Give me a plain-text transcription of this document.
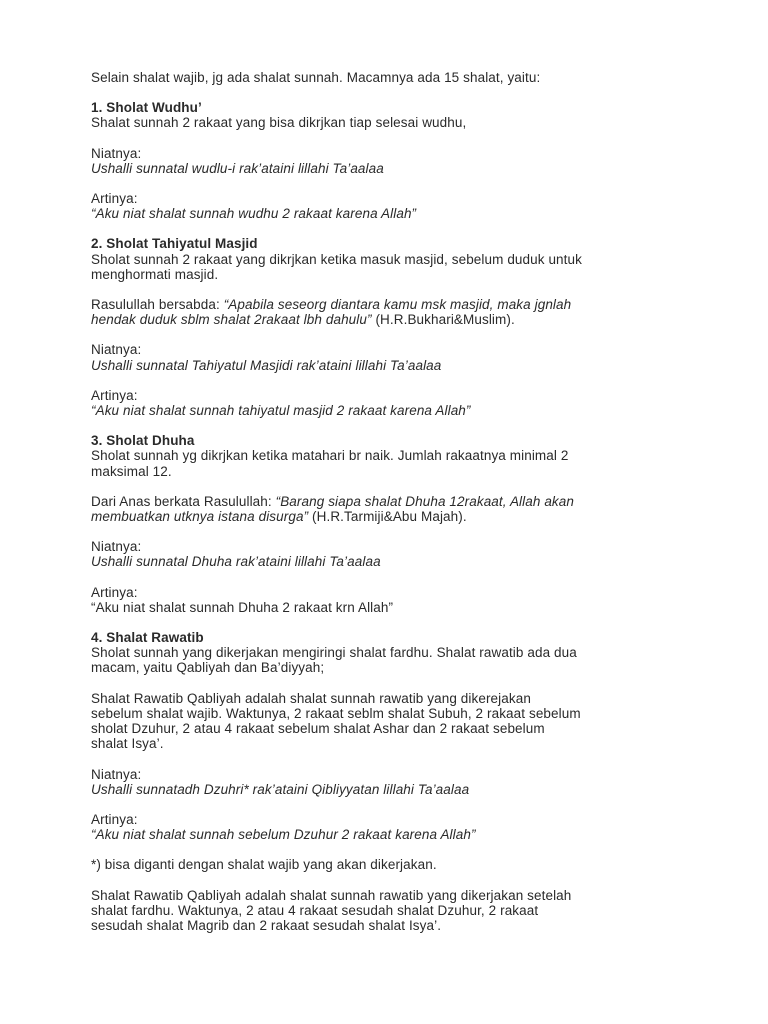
Selain shalat wajib, jg ada shalat sunnah. Macamnya ada 15 shalat, yaitu:
1. Sholat Wudhu’
Shalat sunnah 2 rakaat yang bisa dikrjkan tiap selesai wudhu,
Niatnya:
Ushalli sunnatal wudlu-i rak’ataini lillahi Ta’aalaa
Artinya:
“Aku niat shalat sunnah wudhu 2 rakaat karena Allah”
2. Sholat Tahiyatul Masjid
Sholat sunnah 2 rakaat yang dikrjkan ketika masuk masjid, sebelum duduk untuk
menghormati masjid.
Rasulullah bersabda: “Apabila seseorg diantara kamu msk masjid, maka jgnlah
hendak duduk sblm shalat 2rakaat lbh dahulu” (H.R.Bukhari&Muslim).
Niatnya:
Ushalli sunnatal Tahiyatul Masjidi rak’ataini lillahi Ta’aalaa
Artinya:
“Aku niat shalat sunnah tahiyatul masjid 2 rakaat karena Allah”
3. Sholat Dhuha
Sholat sunnah yg dikrjkan ketika matahari br naik. Jumlah rakaatnya minimal 2
maksimal 12.
Dari Anas berkata Rasulullah: “Barang siapa shalat Dhuha 12rakaat, Allah akan
membuatkan utknya istana disurga” (H.R.Tarmiji&Abu Majah).
Niatnya:
Ushalli sunnatal Dhuha rak’ataini lillahi Ta’aalaa
Artinya:
“Aku niat shalat sunnah Dhuha 2 rakaat krn Allah”
4. Shalat Rawatib
Sholat sunnah yang dikerjakan mengiringi shalat fardhu. Shalat rawatib ada dua
macam, yaitu Qabliyah dan Ba’diyyah;
Shalat Rawatib Qabliyah adalah shalat sunnah rawatib yang dikerejakan
sebelum shalat wajib. Waktunya, 2 rakaat seblm shalat Subuh, 2 rakaat sebelum
sholat Dzuhur, 2 atau 4 rakaat sebelum shalat Ashar dan 2 rakaat sebelum
shalat Isya’.
Niatnya:
Ushalli sunnatadh Dzuhri* rak’ataini Qibliyyatan lillahi Ta’aalaa
Artinya:
“Aku niat shalat sunnah sebelum Dzuhur 2 rakaat karena Allah”
*) bisa diganti dengan shalat wajib yang akan dikerjakan.
Shalat Rawatib Qabliyah adalah shalat sunnah rawatib yang dikerjakan setelah
shalat fardhu. Waktunya, 2 atau 4 rakaat sesudah shalat Dzuhur, 2 rakaat
sesudah shalat Magrib dan 2 rakaat sesudah shalat Isya’.
